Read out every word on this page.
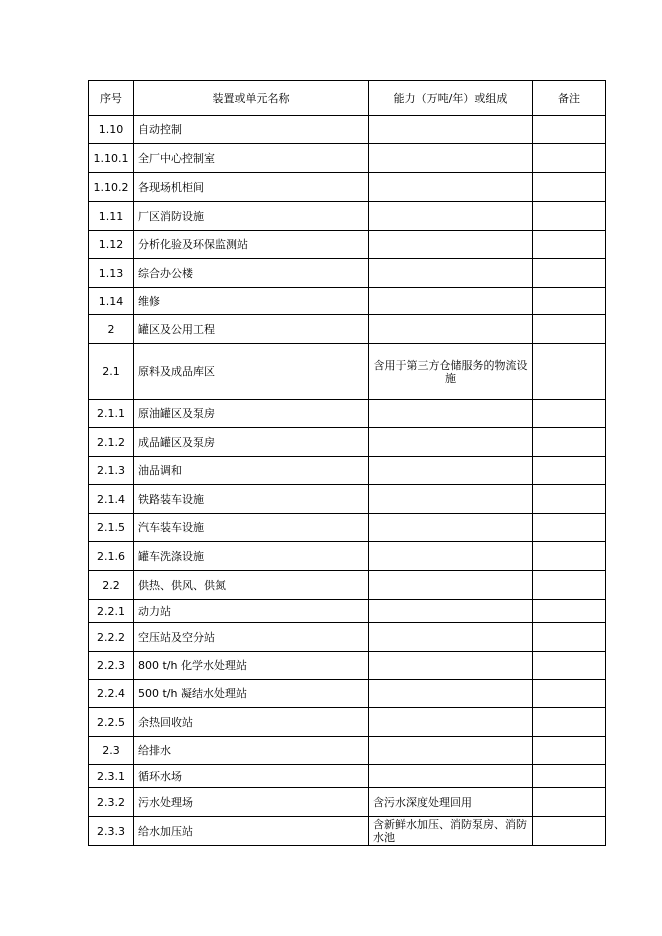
序号	装置或单元名称	能力（万吨/年）或组成	备注
1.10	自动控制		
1.10.1	全厂中心控制室		
1.10.2	各现场机柜间		
1.11	厂区消防设施		
1.12	分析化验及环保监测站		
1.13	综合办公楼		
1.14	维修		
2	罐区及公用工程		
2.1	原料及成品库区	含用于第三方仓储服务的物流设施	
2.1.1	原油罐区及泵房		
2.1.2	成品罐区及泵房		
2.1.3	油品调和		
2.1.4	铁路装车设施		
2.1.5	汽车装车设施		
2.1.6	罐车洗涤设施		
2.2	供热、供风、供氮		
2.2.1	动力站		
2.2.2	空压站及空分站		
2.2.3	800 t/h 化学水处理站		
2.2.4	500 t/h 凝结水处理站		
2.2.5	余热回收站		
2.3	给排水		
2.3.1	循环水场		
2.3.2	污水处理场	含污水深度处理回用	
2.3.3	给水加压站	含新鲜水加压、消防泵房、消防水池	
